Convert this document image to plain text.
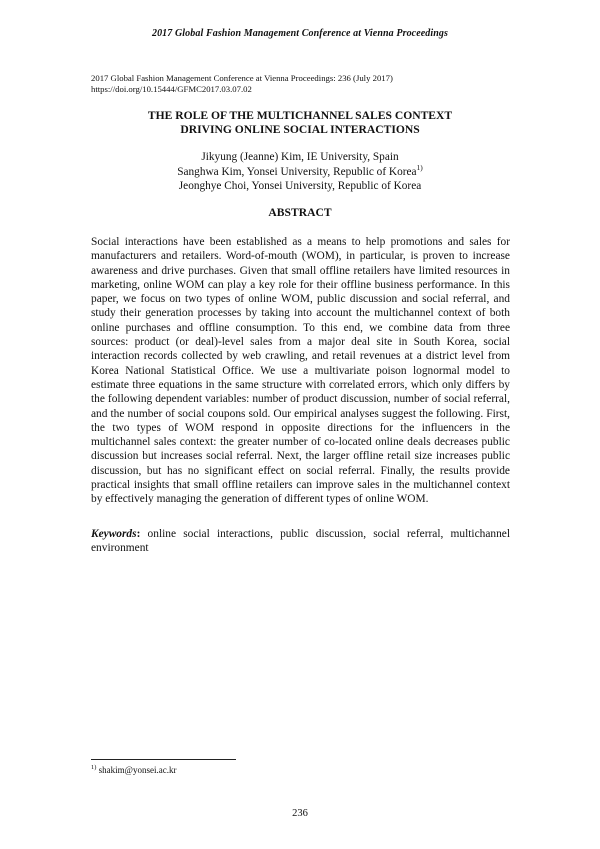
2017 Global Fashion Management Conference at Vienna Proceedings
2017 Global Fashion Management Conference at Vienna Proceedings: 236 (July 2017)
https://doi.org/10.15444/GFMC2017.03.07.02
THE ROLE OF THE MULTICHANNEL SALES CONTEXT
DRIVING ONLINE SOCIAL INTERACTIONS
Jikyung (Jeanne) Kim, IE University, Spain
Sanghwa Kim, Yonsei University, Republic of Korea$^{1)}$
Jeonghye Choi, Yonsei University, Republic of Korea
ABSTRACT
Social interactions have been established as a means to help promotions and sales for manufacturers and retailers. Word-of-mouth (WOM), in particular, is proven to increase awareness and drive purchases. Given that small offline retailers have limited resources in marketing, online WOM can play a key role for their offline business performance. In this paper, we focus on two types of online WOM, public discussion and social referral, and study their generation processes by taking into account the multichannel context of both online purchases and offline consumption. To this end, we combine data from three sources: product (or deal)-level sales from a major deal site in South Korea, social interaction records collected by web crawling, and retail revenues at a district level from Korea National Statistical Office. We use a multivariate poison lognormal model to estimate three equations in the same structure with correlated errors, which only differs by the following dependent variables: number of product discussion, number of social referral, and the number of social coupons sold. Our empirical analyses suggest the following. First, the two types of WOM respond in opposite directions for the influencers in the multichannel sales context: the greater number of co-located online deals decreases public discussion but increases social referral. Next, the larger offline retail size increases public discussion, but has no significant effect on social referral. Finally, the results provide practical insights that small offline retailers can improve sales in the multichannel context by effectively managing the generation of different types of online WOM.
Keywords: online social interactions, public discussion, social referral, multichannel environment
$^{1)}$ shakim@yonsei.ac.kr
236
